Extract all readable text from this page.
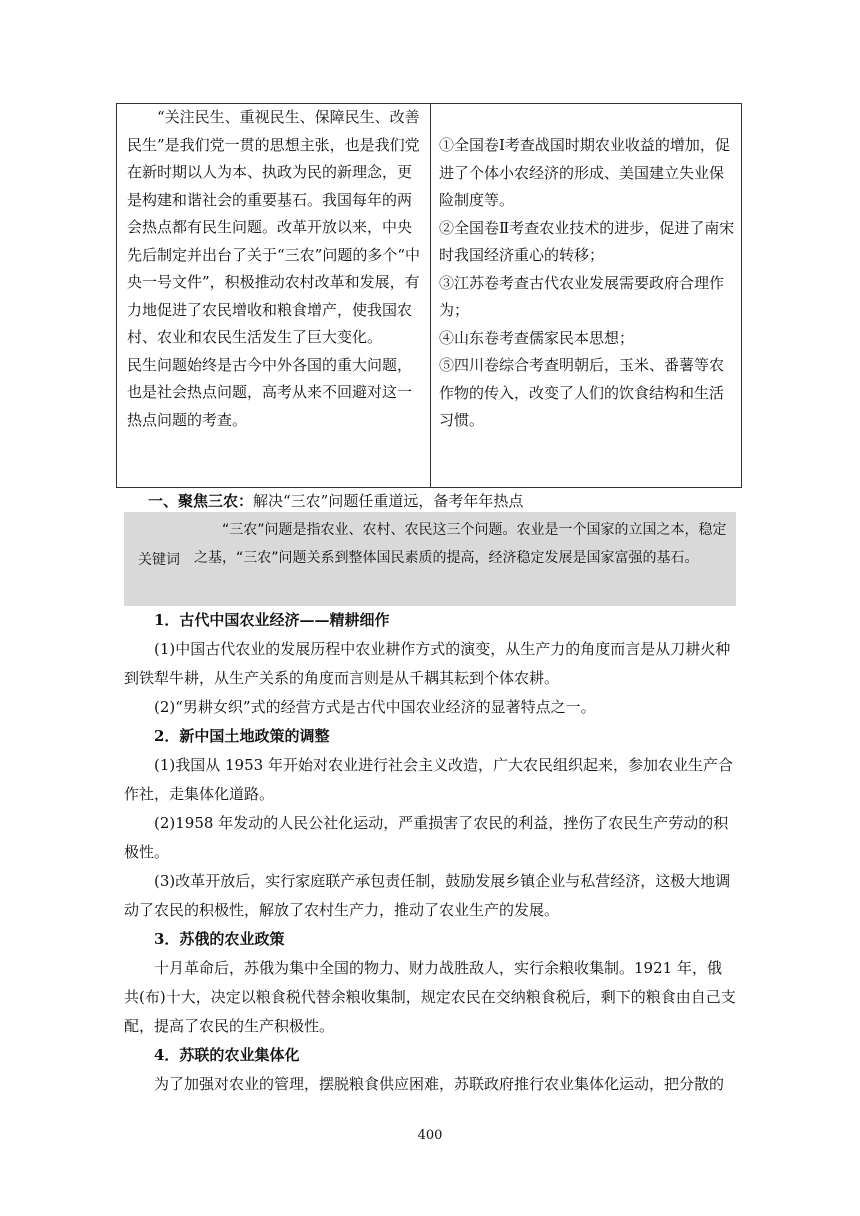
“关注民生、重视民生、保障民生、改善民生”是我们党一贯的思想主张，也是我们党在新时期以人为本、执政为民的新理念，更是构建和谐社会的重要基石。我国每年的两会热点都有民生问题。改革开放以来，中央先后制定并出台了关于“三农”问题的多个“中央一号文件”，积极推动农村改革和发展，有力地促进了农民增收和粮食增产，使我国农村、农业和农民生活发生了巨大变化。

民生问题始终是古今中外各国的重大问题，也是社会热点问题，高考从来不回避对这一热点问题的考查。

①全国卷Ⅰ考查战国时期农业收益的增加，促进了个体小农经济的形成、美国建立失业保险制度等。

②全国卷Ⅱ考查农业技术的进步，促进了南宋时我国经济重心的转移；

③江苏卷考查古代农业发展需要政府合理作为；

④山东卷考查儒家民本思想；

⑤四川卷综合考查明朝后，玉米、番薯等农作物的传入，改变了人们的饮食结构和生活习惯。

一、聚焦三农：解决“三农”问题任重道远，备考年年热点
关键词
“三农”问题是指农业、农村、农民这三个问题。农业是一个国家的立国之本，稳定之基，“三农”问题关系到整体国民素质的提高，经济稳定发展是国家富强的基石。
1．古代中国农业经济——精耕细作

(1)中国古代农业的发展历程中农业耕作方式的演变，从生产力的角度而言是从刀耕火种到铁犁牛耕，从生产关系的角度而言则是从千耦其耘到个体农耕。

(2)“男耕女织”式的经营方式是古代中国农业经济的显著特点之一。

2．新中国土地政策的调整

(1)我国从 1953 年开始对农业进行社会主义改造，广大农民组织起来，参加农业生产合作社，走集体化道路。

(2)1958 年发动的人民公社化运动，严重损害了农民的利益，挫伤了农民生产劳动的积极性。

(3)改革开放后，实行家庭联产承包责任制，鼓励发展乡镇企业与私营经济，这极大地调动了农民的积极性，解放了农村生产力，推动了农业生产的发展。

3．苏俄的农业政策

十月革命后，苏俄为集中全国的物力、财力战胜敌人，实行余粮收集制。1921 年，俄共(布)十大，决定以粮食税代替余粮收集制，规定农民在交纳粮食税后，剩下的粮食由自己支配，提高了农民的生产积极性。

4．苏联的农业集体化

为了加强对农业的管理，摆脱粮食供应困难，苏联政府推行农业集体化运动，把分散的

400
